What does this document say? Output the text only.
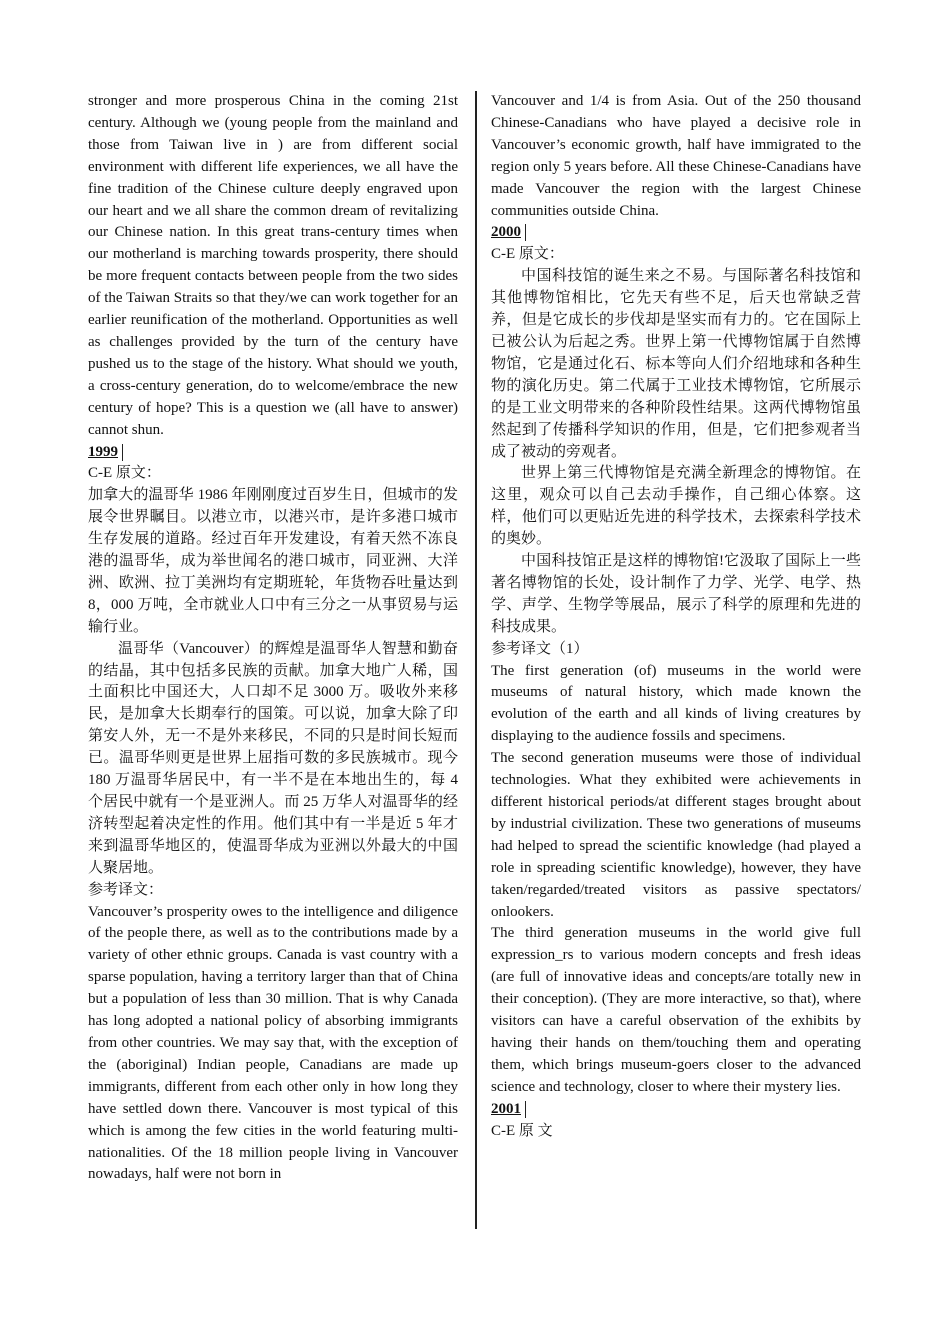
stronger and more prosperous China in the coming 21st century. Although we (young people from the mainland and those from Taiwan live in ) are from different social environment with different life experiences, we all have the fine tradition of the Chinese culture deeply engraved upon our heart and we all share the common dream of revitalizing our Chinese nation. In this great trans-century times when our motherland is marching towards prosperity, there should be more frequent contacts between people from the two sides of the Taiwan Straits so that they/we can work together for an earlier reunification of the motherland. Opportunities as well as challenges provided by the turn of the century have pushed us to the stage of the history. What should we youth, a cross-century generation, do to welcome/embrace the new century of hope? This is a question we (all have to answer) cannot shun.

1999

C-E 原文：

加拿大的温哥华 1986 年刚刚度过百岁生日，但城市的发展令世界瞩目。以港立市，以港兴市，是许多港口城市生存发展的道路。经过百年开发建设，有着天然不冻良港的温哥华，成为举世闻名的港口城市，同亚洲、大洋洲、欧洲、拉丁美洲均有定期班轮，年货物吞吐量达到 8，000 万吨，全市就业人口中有三分之一从事贸易与运输行业。

温哥华（Vancouver）的辉煌是温哥华人智慧和勤奋的结晶，其中包括多民族的贡献。加拿大地广人稀，国土面积比中国还大，人口却不足 3000 万。吸收外来移民，是加拿大长期奉行的国策。可以说，加拿大除了印第安人外，无一不是外来移民，不同的只是时间长短而已。温哥华则更是世界上屈指可数的多民族城市。现今 180 万温哥华居民中，有一半不是在本地出生的，每 4 个居民中就有一个是亚洲人。而 25 万华人对温哥华的经济转型起着决定性的作用。他们其中有一半是近 5 年才来到温哥华地区的，使温哥华成为亚洲以外最大的中国人聚居地。

参考译文：

Vancouver’s prosperity owes to the intelligence and diligence of the people there, as well as to the contributions made by a variety of other ethnic groups. Canada is vast country with a sparse population, having a territory larger than that of China but a population of less than 30 million. That is why Canada has long adopted a national policy of absorbing immigrants from other countries. We may say that, with the exception of the (aboriginal) Indian people, Canadians are made up immigrants, different from each other only in how long they have settled down there. Vancouver is most typical of this which is among the few cities in the world featuring multi-nationalities. Of the 18 million people living in Vancouver nowadays, half were not born in

Vancouver and 1/4 is from Asia. Out of the 250 thousand Chinese-Canadians who have played a decisive role in Vancouver’s economic growth, half have immigrated to the region only 5 years before. All these Chinese-Canadians have made Vancouver the region with the largest Chinese communities outside China.

2000

C-E 原文：

中国科技馆的诞生来之不易。与国际著名科技馆和其他博物馆相比，它先天有些不足，后天也常缺乏营养，但是它成长的步伐却是坚实而有力的。它在国际上已被公认为后起之秀。世界上第一代博物馆属于自然博物馆，它是通过化石、标本等向人们介绍地球和各种生物的演化历史。第二代属于工业技术博物馆，它所展示的是工业文明带来的各种阶段性结果。这两代博物馆虽然起到了传播科学知识的作用，但是，它们把参观者当成了被动的旁观者。

世界上第三代博物馆是充满全新理念的博物馆。在这里，观众可以自己去动手操作，自己细心体察。这样，他们可以更贴近先进的科学技术，去探索科学技术的奥妙。

中国科技馆正是这样的博物馆!它汲取了国际上一些著名博物馆的长处，设计制作了力学、光学、电学、热学、声学、生物学等展品，展示了科学的原理和先进的科技成果。

参考译文（1）

The first generation (of) museums in the world were museums of natural history, which made known the evolution of the earth and all kinds of living creatures by displaying to the audience fossils and specimens.

The second generation museums were those of individual technologies. What they exhibited were achievements in different historical periods/at different stages brought about by industrial civilization. These two generations of museums had helped to spread the scientific knowledge (had played a role in spreading scientific knowledge), however, they have taken/regarded/treated visitors as passive spectators/ onlookers.

The third generation museums in the world give full expression_rs to various modern concepts and fresh ideas (are full of innovative ideas and concepts/are totally new in their conception). (They are more interactive, so that), where visitors can have a careful observation of the exhibits by having their hands on them/touching them and operating them, which brings museum-goers closer to the advanced science and technology, closer to where their mystery lies.

2001

C-E 原 文
